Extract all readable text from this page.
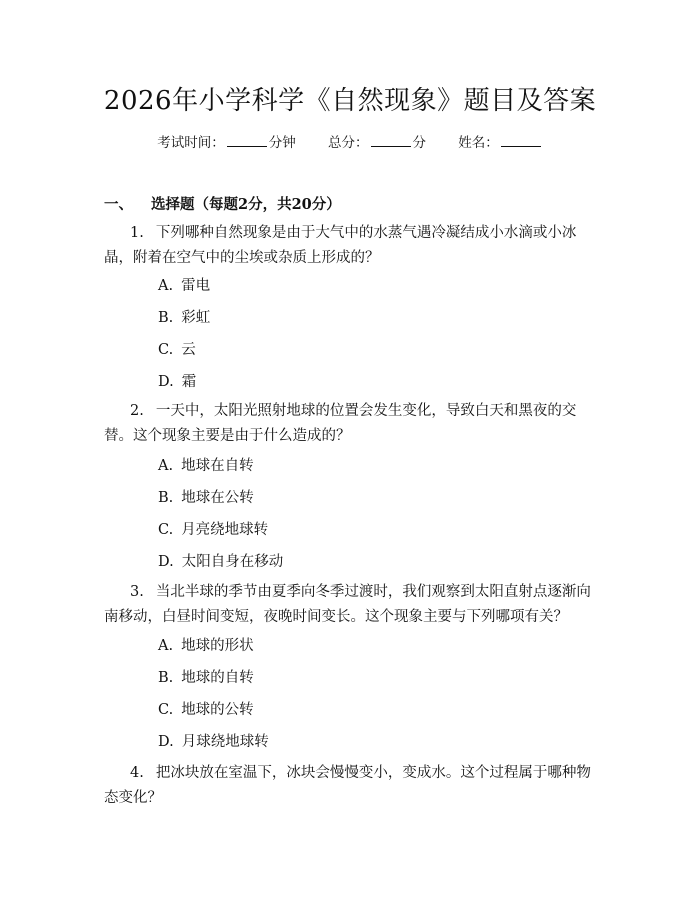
2026年小学科学《自然现象》题目及答案
考试时间：	分钟 总分：	分 姓名：
一、 选择题（每题2分，共20分）
1. 下列哪种自然现象是由于大气中的水蒸气遇冷凝结成小水滴或小冰晶，附着在空气中的尘埃或杂质上形成的？
A. 雷电
B. 彩虹
C. 云
D. 霜
2. 一天中，太阳光照射地球的位置会发生变化，导致白天和黑夜的交替。这个现象主要是由于什么造成的？
A. 地球在自转
B. 地球在公转
C. 月亮绕地球转
D. 太阳自身在移动
3. 当北半球的季节由夏季向冬季过渡时，我们观察到太阳直射点逐渐向南移动，白昼时间变短，夜晚时间变长。这个现象主要与下列哪项有关？
A. 地球的形状
B. 地球的自转
C. 地球的公转
D. 月球绕地球转
4. 把冰块放在室温下，冰块会慢慢变小，变成水。这个过程属于哪种物态变化？
